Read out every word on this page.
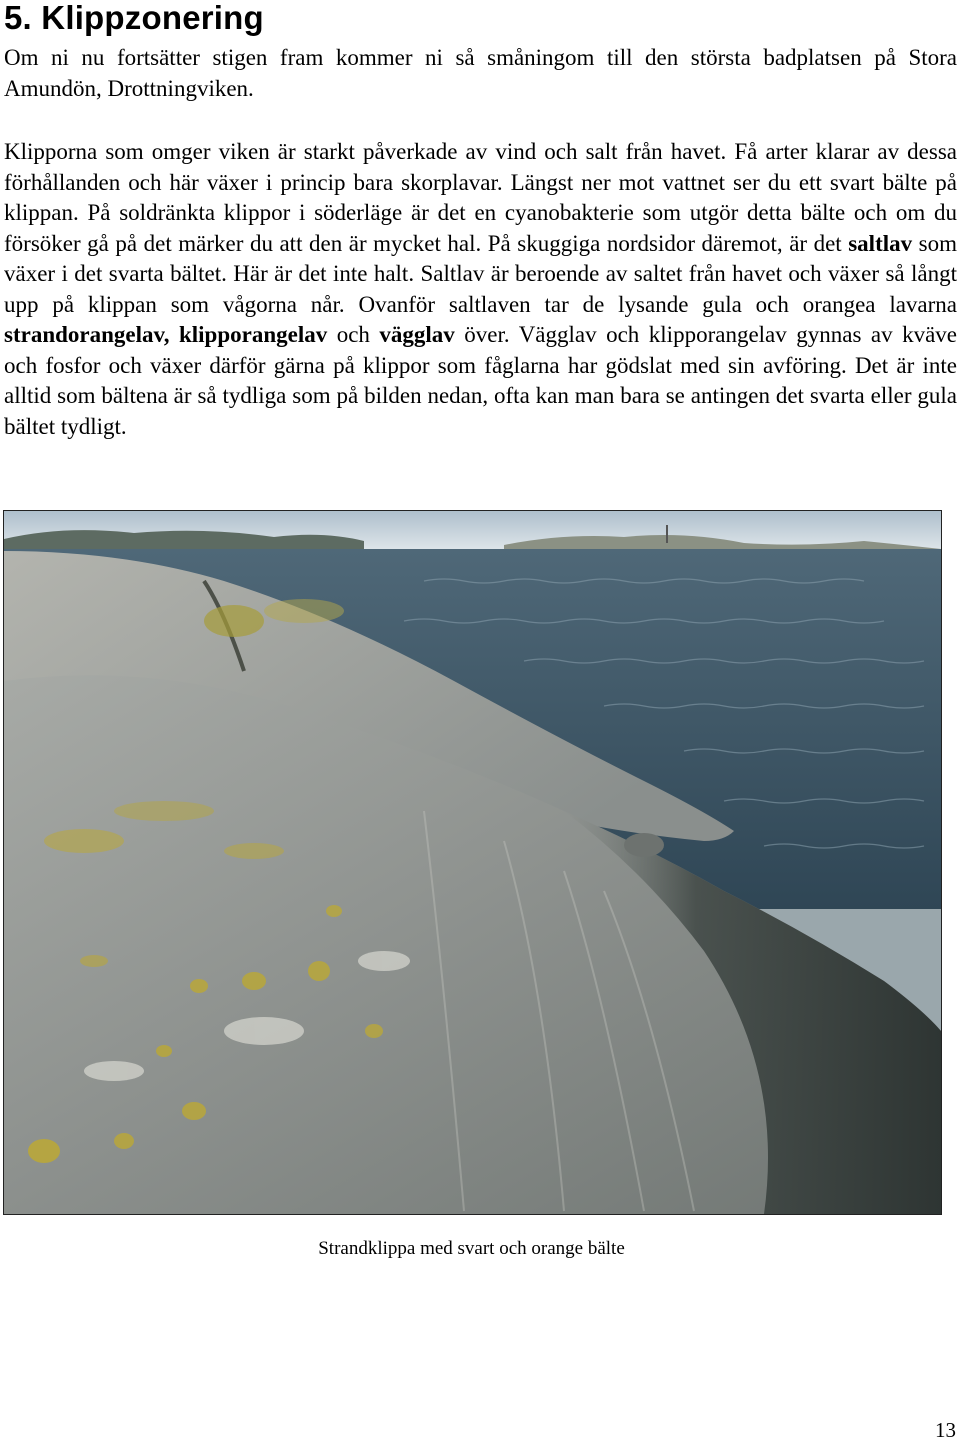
5. Klippzonering

Om ni nu fortsätter stigen fram kommer ni så småningom till den största badplatsen på Stora Amundön, Drottningviken.

Klipporna som omger viken är starkt påverkade av vind och salt från havet. Få arter klarar av dessa förhållanden och här växer i princip bara skorplavar. Längst ner mot vattnet ser du ett svart bälte på klippan. På soldränkta klippor i söderläge är det en cyanobakterie som utgör detta bälte och om du försöker gå på det märker du att den är mycket hal. På skuggiga nordsidor däremot, är det saltlav som växer i det svarta bältet. Här är det inte halt. Saltlav är beroende av saltet från havet och växer så långt upp på klippan som vågorna når. Ovanför saltlaven tar de lysande gula och orangea lavarna strandorangelav, klipporangelav och vägglav över. Vägglav och klipporangelav gynnas av kväve och fosfor och växer därför gärna på klippor som fåglarna har gödslat med sin avföring. Det är inte alltid som bältena är så tydliga som på bilden nedan, ofta kan man bara se antingen det svarta eller gula bältet tydligt.

Strandklippa med svart och orange bälte
13
